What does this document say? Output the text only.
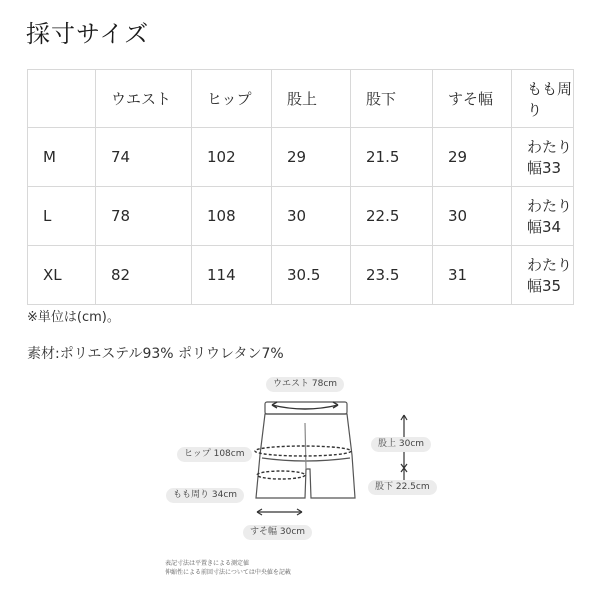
採寸サイズ
	ウエスト	ヒップ	股上	股下	すそ幅	もも周り
M	74	102	29	21.5	29	わたり幅33
L	78	108	30	22.5	30	わたり幅34
XL	82	114	30.5	23.5	31	わたり幅35
※単位は(cm)。
素材:ポリエステル93% ポリウレタン7%
ウエスト 78cm
ヒップ 108cm
もも周り 34cm
すそ幅 30cm
股上 30cm
股下 22.5cm
表記寸法は平置きによる測定値
伸縮性による前回寸法については中央値を記載
